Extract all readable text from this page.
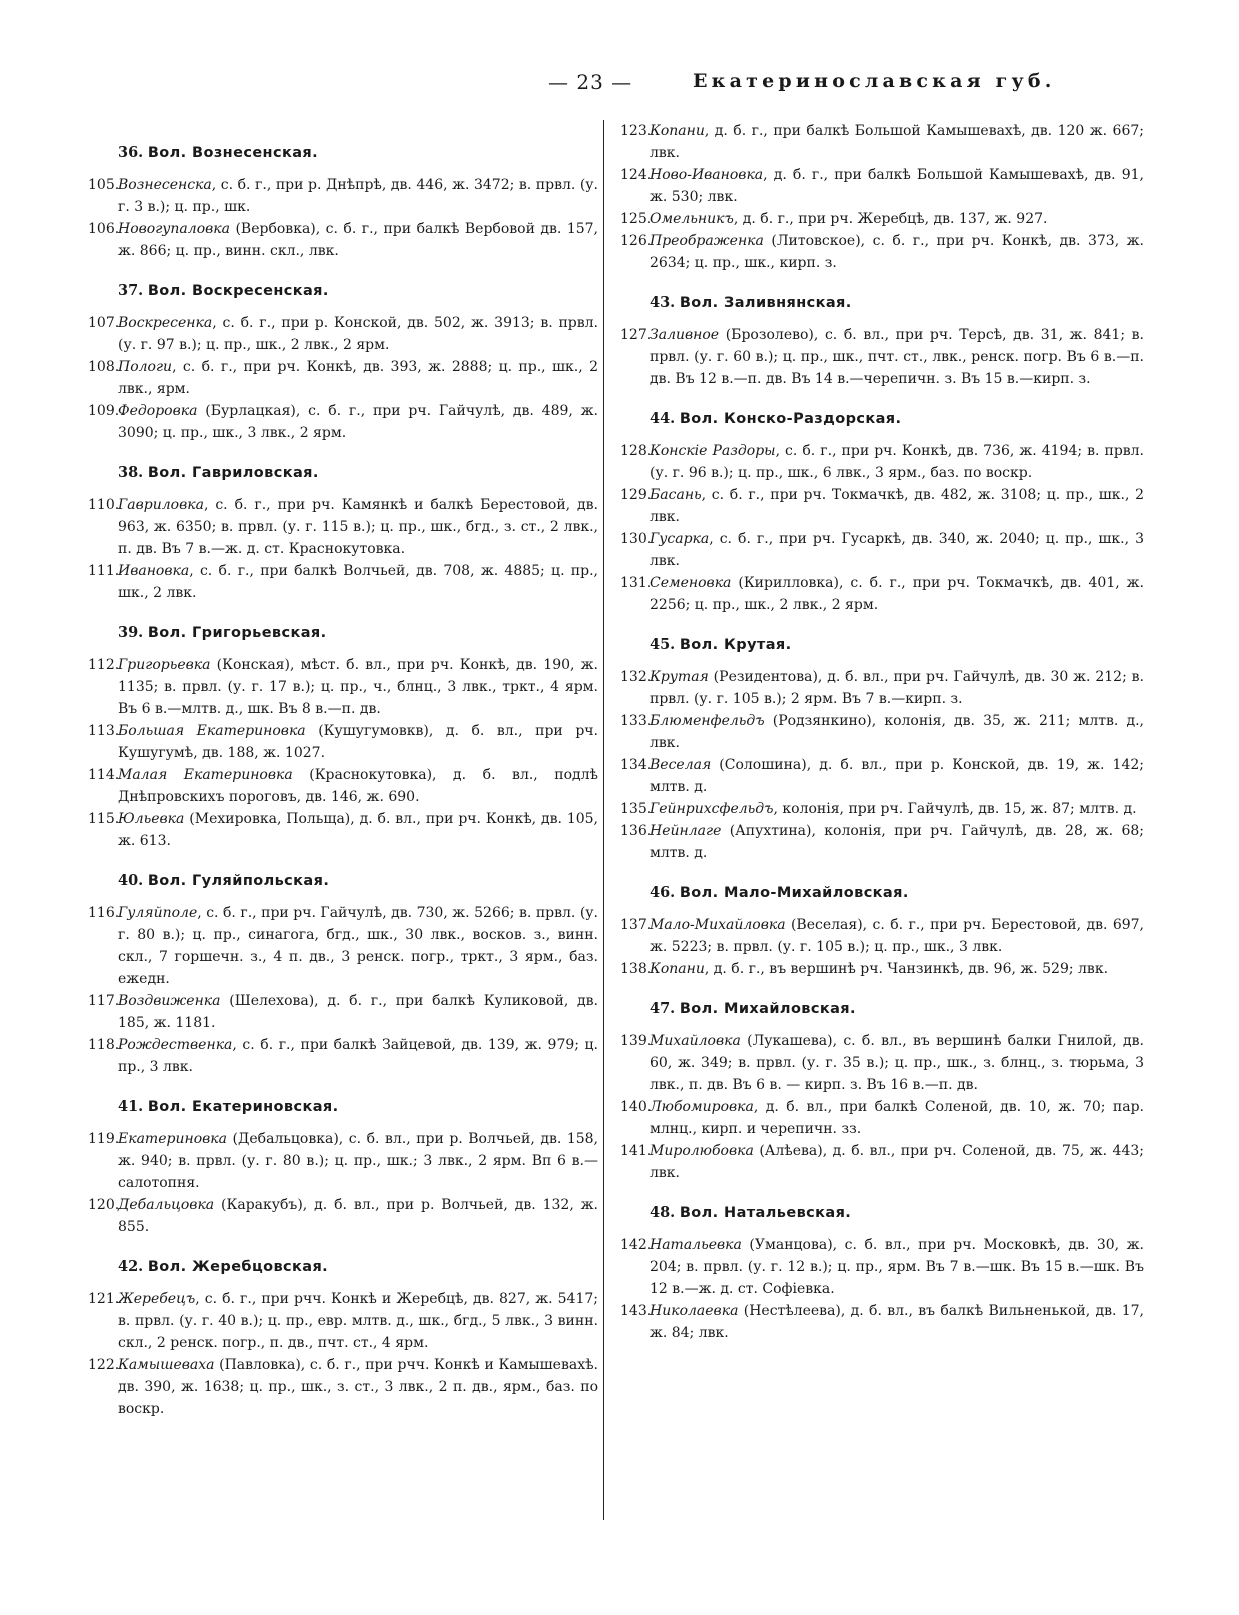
— 23 —	Екатеринославская губ.
36. Вол. Вознесенская.
105.
Вознесенска, с. б. г., при р. Днѣпрѣ, дв. 446, ж. 3472; в. првл. (у. г. 3 в.); ц. пр., шк.
106.
Новогупаловка (Вербовка), с. б. г., при балкѣ Вербовой дв. 157, ж. 866; ц. пр., винн. скл., лвк.
37. Вол. Воскресенская.
107.
Воскресенка, с. б. г., при р. Конской, дв. 502, ж. 3913; в. првл. (у. г. 97 в.); ц. пр., шк., 2 лвк., 2 ярм.
108.
Пологи, с. б. г., при рч. Конкѣ, дв. 393, ж. 2888; ц. пр., шк., 2 лвк., ярм.
109.
Федоровка (Бурлацкая), с. б. г., при рч. Гайчулѣ, дв. 489, ж. 3090; ц. пр., шк., 3 лвк., 2 ярм.
38. Вол. Гавриловская.
110.
Гавриловка, с. б. г., при рч. Камянкѣ и балкѣ Берестовой, дв. 963, ж. 6350; в. првл. (у. г. 115 в.); ц. пр., шк., бгд., з. ст., 2 лвк., п. дв. Въ 7 в.—ж. д. ст. Краснокутовка.
111.
Ивановка, с. б. г., при балкѣ Волчьей, дв. 708, ж. 4885; ц. пр., шк., 2 лвк.
39. Вол. Григорьевская.
112.
Григорьевка (Конская), мѣст. б. вл., при рч. Конкѣ, дв. 190, ж. 1135; в. првл. (у. г. 17 в.); ц. пр., ч., блнц., 3 лвк., тркт., 4 ярм. Въ 6 в.—млтв. д., шк. Въ 8 в.—п. дв.
113.
Большая Екатериновка (Кушугумовкв), д. б. вл., при рч. Кушугумѣ, дв. 188, ж. 1027.
114.
Малая Екатериновка (Краснокутовка), д. б. вл., подлѣ Днѣпровскихъ пороговъ, дв. 146, ж. 690.
115.
Юльевка (Мехировка, Польща), д. б. вл., при рч. Конкѣ, дв. 105, ж. 613.
40. Вол. Гуляйпольская.
116.
Гуляйполе, с. б. г., при рч. Гайчулѣ, дв. 730, ж. 5266; в. првл. (у. г. 80 в.); ц. пр., синагога, бгд., шк., 30 лвк., восков. з., винн. скл., 7 горшечн. з., 4 п. дв., 3 ренск. погр., тркт., 3 ярм., баз. ежедн.
117.
Воздвиженка (Шелехова), д. б. г., при балкѣ Куликовой, дв. 185, ж. 1181.
118.
Рождественка, с. б. г., при балкѣ Зайцевой, дв. 139, ж. 979; ц. пр., 3 лвк.
41. Вол. Екатериновская.
119.
Екатериновка (Дебальцовка), с. б. вл., при р. Волчьей, дв. 158, ж. 940; в. првл. (у. г. 80 в.); ц. пр., шк.; 3 лвк., 2 ярм. Вп 6 в.—салотопня.
120.
Дебальцовка (Каракубъ), д. б. вл., при р. Волчьей, дв. 132, ж. 855.
42. Вол. Жеребцовская.
121.
Жеребецъ, с. б. г., при рчч. Конкѣ и Жеребцѣ, дв. 827, ж. 5417; в. првл. (у. г. 40 в.); ц. пр., евр. млтв. д., шк., бгд., 5 лвк., 3 винн. скл., 2 ренск. погр., п. дв., пчт. ст., 4 ярм.
122.
Камышеваха (Павловка), с. б. г., при рчч. Конкѣ и Камышевахѣ. дв. 390, ж. 1638; ц. пр., шк., з. ст., 3 лвк., 2 п. дв., ярм., баз. по воскр.
123.
Копани, д. б. г., при балкѣ Большой Камышевахѣ, дв. 120 ж. 667; лвк.
124.
Ново-Ивановка, д. б. г., при балкѣ Большой Камышевахѣ, дв. 91, ж. 530; лвк.
125.
Омельникъ, д. б. г., при рч. Жеребцѣ, дв. 137, ж. 927.
126.
Преображенка (Литовское), с. б. г., при рч. Конкѣ, дв. 373, ж. 2634; ц. пр., шк., кирп. з.
43. Вол. Заливнянская.
127.
Заливное (Брозолево), с. б. вл., при рч. Терсѣ, дв. 31, ж. 841; в. првл. (у. г. 60 в.); ц. пр., шк., пчт. ст., лвк., ренск. погр. Въ 6 в.—п. дв. Въ 12 в.—п. дв. Въ 14 в.—черепичн. з. Въ 15 в.—кирп. з.
44. Вол. Конско-Раздорская.
128.
Конскіе Раздоры, с. б. г., при рч. Конкѣ, дв. 736, ж. 4194; в. првл. (у. г. 96 в.); ц. пр., шк., 6 лвк., 3 ярм., баз. по воскр.
129.
Басань, с. б. г., при рч. Токмачкѣ, дв. 482, ж. 3108; ц. пр., шк., 2 лвк.
130.
Гусарка, с. б. г., при рч. Гусаркѣ, дв. 340, ж. 2040; ц. пр., шк., 3 лвк.
131.
Семеновка (Кирилловка), с. б. г., при рч. Токмачкѣ, дв. 401, ж. 2256; ц. пр., шк., 2 лвк., 2 ярм.
45. Вол. Крутая.
132.
Крутая (Резидентова), д. б. вл., при рч. Гайчулѣ, дв. 30 ж. 212; в. првл. (у. г. 105 в.); 2 ярм. Въ 7 в.—кирп. з.
133.
Блюменфельдъ (Родзянкино), колонія, дв. 35, ж. 211; млтв. д., лвк.
134.
Веселая (Солошина), д. б. вл., при р. Конской, дв. 19, ж. 142; млтв. д.
135.
Гейнрихсфельдъ, колонія, при рч. Гайчулѣ, дв. 15, ж. 87; млтв. д.
136.
Нейнлаге (Апухтина), колонія, при рч. Гайчулѣ, дв. 28, ж. 68; млтв. д.
46. Вол. Мало-Михайловская.
137.
Мало-Михайловка (Веселая), с. б. г., при рч. Берестовой, дв. 697, ж. 5223; в. првл. (у. г. 105 в.); ц. пр., шк., 3 лвк.
138.
Копани, д. б. г., въ вершинѣ рч. Чанзинкѣ, дв. 96, ж. 529; лвк.
47. Вол. Михайловская.
139.
Михайловка (Лукашева), с. б. вл., въ вершинѣ балки Гнилой, дв. 60, ж. 349; в. првл. (у. г. 35 в.); ц. пр., шк., з. блнц., з. тюрьма, 3 лвк., п. дв. Въ 6 в. — кирп. з. Въ 16 в.—п. дв.
140.
Любомировка, д. б. вл., при балкѣ Соленой, дв. 10, ж. 70; пар. млнц., кирп. и черепичн. зз.
141.
Миролюбовка (Алѣева), д. б. вл., при рч. Соленой, дв. 75, ж. 443; лвк.
48. Вол. Натальевская.
142.
Натальевка (Уманцова), с. б. вл., при рч. Московкѣ, дв. 30, ж. 204; в. првл. (у. г. 12 в.); ц. пр., ярм. Въ 7 в.—шк. Въ 15 в.—шк. Въ 12 в.—ж. д. ст. Софіевка.
143.
Николаевка (Нестѣлеева), д. б. вл., въ балкѣ Вильненькой, дв. 17, ж. 84; лвк.
